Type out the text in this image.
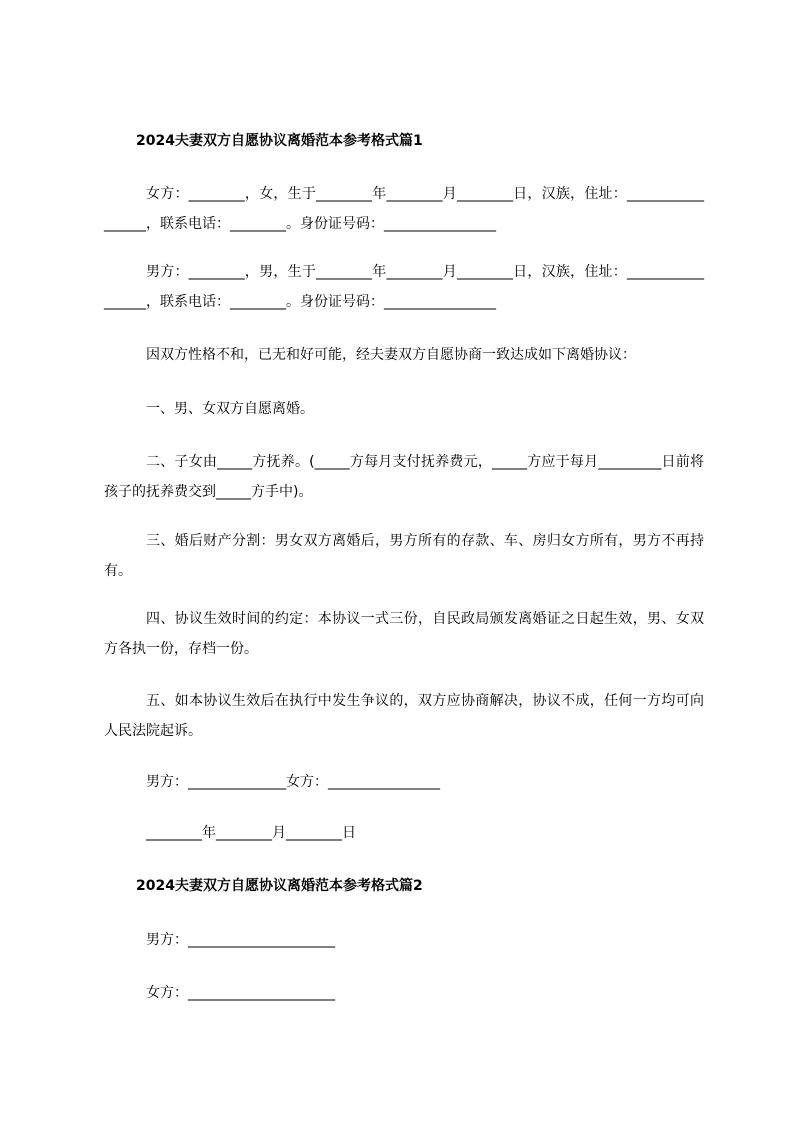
2024夫妻双方自愿协议离婚范本参考格式篇1
女方：________，女，生于________年________月________日，汉族，住址：_________________，联系电话：________。身份证号码：________________
男方：________，男，生于________年________月________日，汉族，住址：_________________，联系电话：________。身份证号码：________________
因双方性格不和，已无和好可能，经夫妻双方自愿协商一致达成如下离婚协议：
一、男、女双方自愿离婚。
二、子女由_____方抚养。(_____方每月支付抚养费元，_____方应于每月_________日前将孩子的抚养费交到_____方手中)。
三、婚后财产分割：男女双方离婚后，男方所有的存款、车、房归女方所有，男方不再持有。
四、协议生效时间的约定：本协议一式三份，自民政局颁发离婚证之日起生效，男、女双方各执一份，存档一份。
五、如本协议生效后在执行中发生争议的，双方应协商解决，协议不成，任何一方均可向人民法院起诉。
男方：______________女方：________________
________年________月________日
2024夫妻双方自愿协议离婚范本参考格式篇2
男方：_____________________
女方：_____________________
